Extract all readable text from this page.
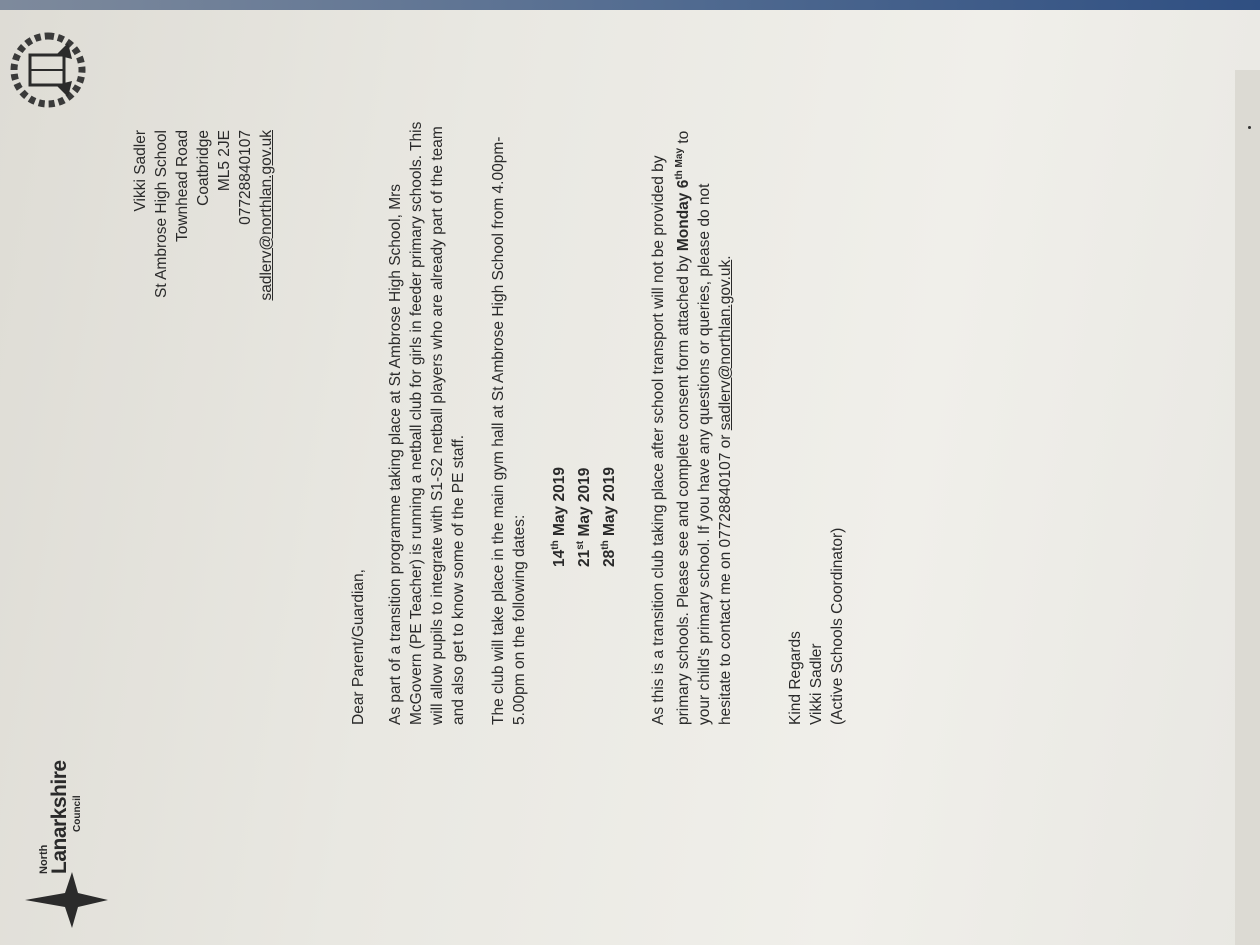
North
Lanarkshire Council
Vikki Sadler St Ambrose High School Townhead Road Coatbridge ML5 2JE 07728840107 sadlerv@northlan.gov.uk
Dear Parent/Guardian, As part of a transition programme taking place at St Ambrose High School, Mrs McGovern (PE Teacher) is running a netball club for girls in feeder primary schools. This will allow pupils to integrate with S1-S2 netball players who are already part of the team and also get to know some of the PE staff. The club will take place in the main gym hall at St Ambrose High School from 4.00pm-5.00pm on the following dates:	14th May 2019
21st May 2019
28th May 2019 As this is a transition club taking place after school transport will not be provided by primary schools. Please see and complete consent form attached by Monday $6^{th May}$ to your child's primary school. If you have any questions or queries, please do not hesitate to contact me on 07728840107 or sadlerv@northlan.gov.uk.
Kind Regards Vikki Sadler (Active Schools Coordinator)
